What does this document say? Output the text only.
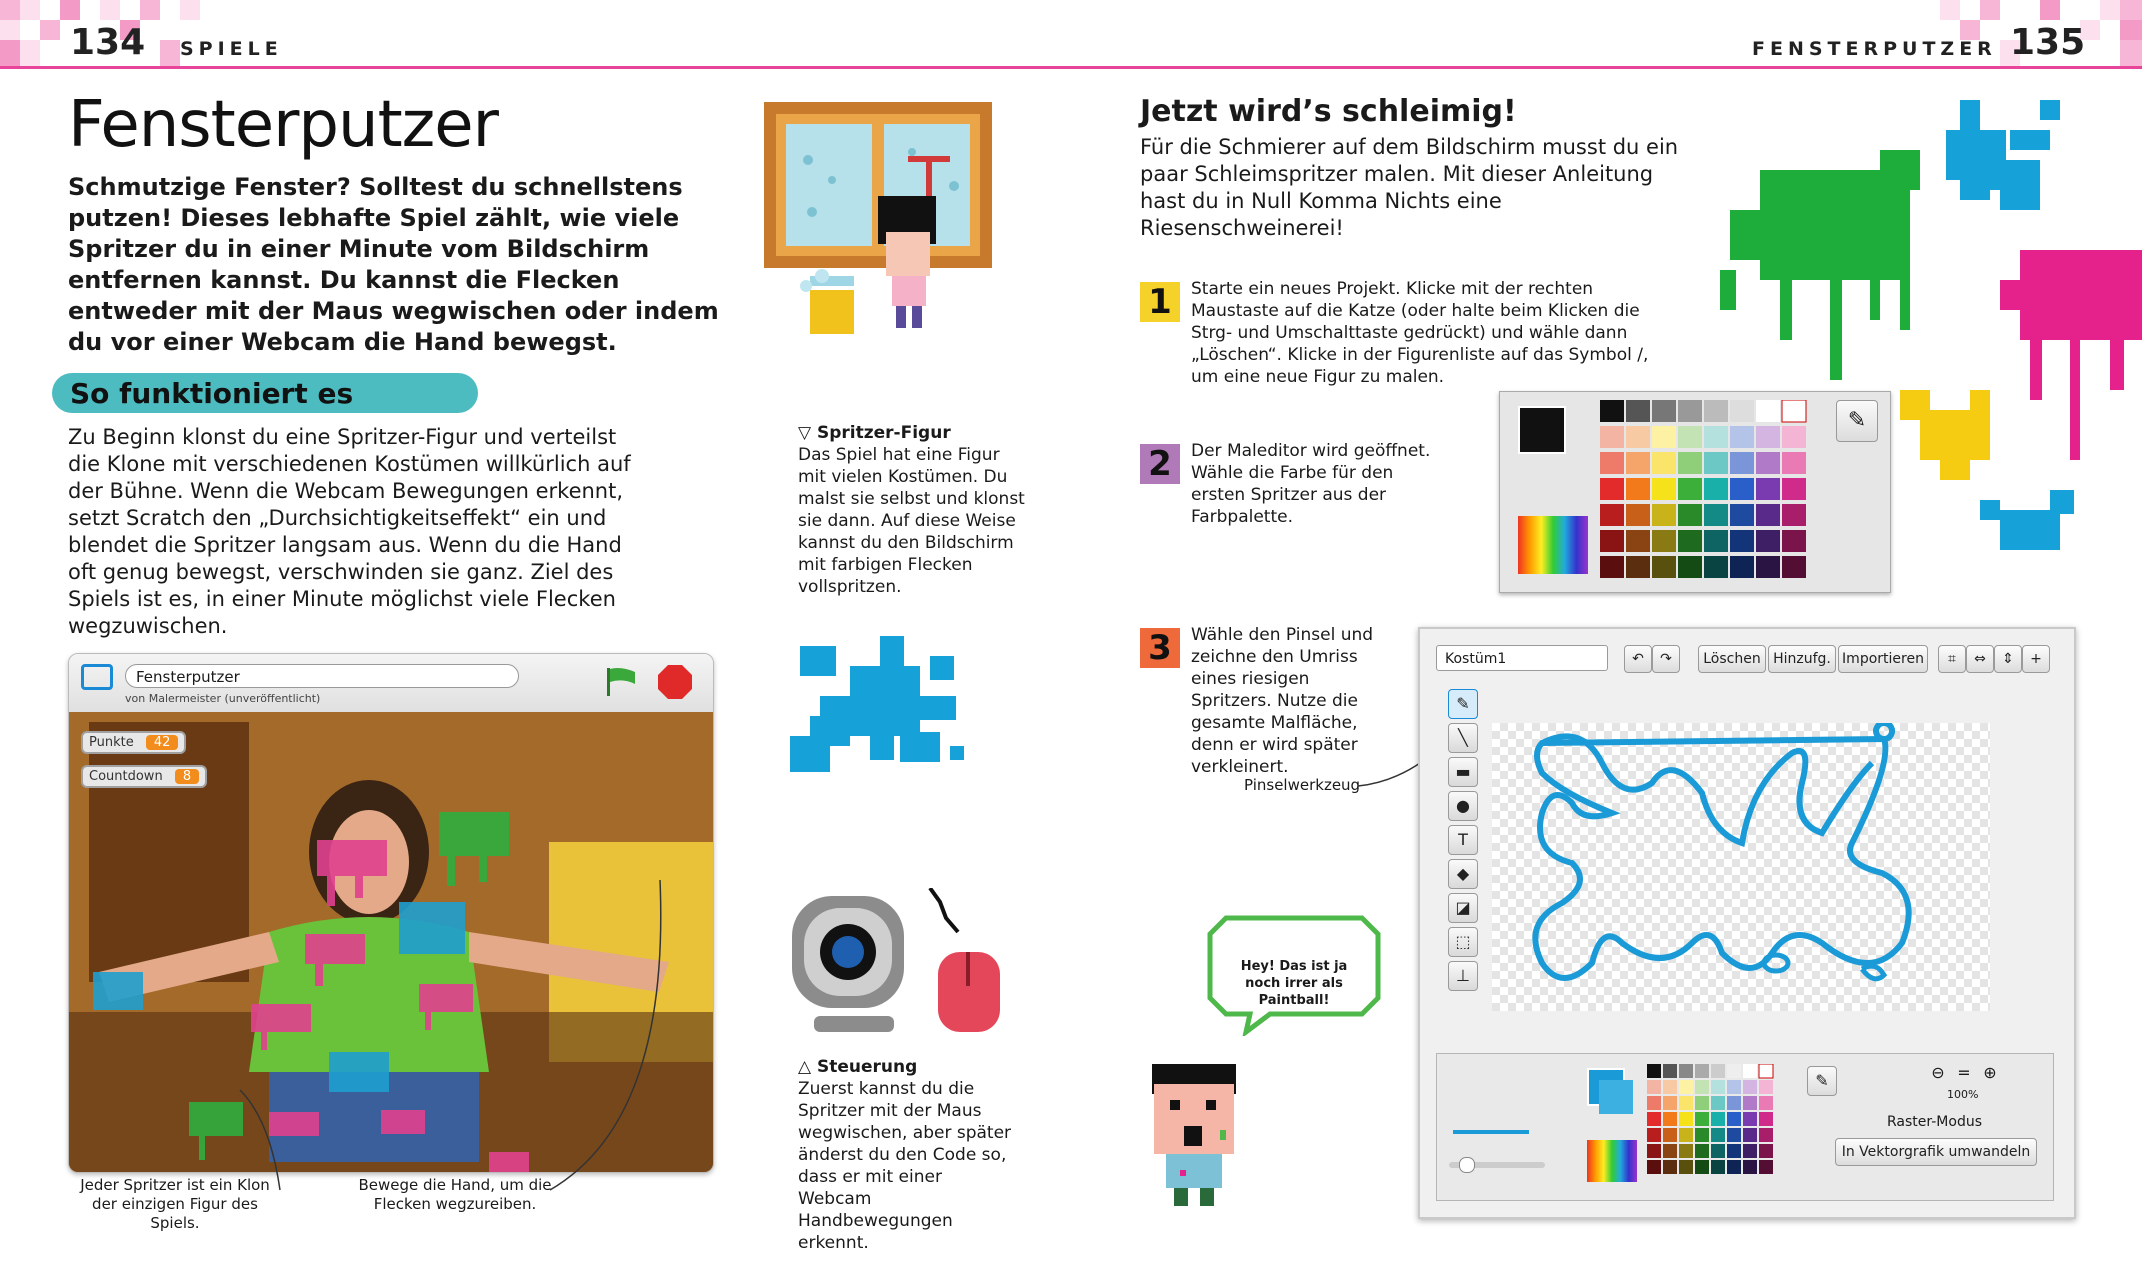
134 SPIELE	FENSTERPUTZER 135
Fensterputzer
Schmutzige Fenster? Solltest du schnellstens putzen! Dieses lebhafte Spiel zählt, wie viele Spritzer du in einer Minute vom Bildschirm entfernen kannst. Du kannst die Flecken entweder mit der Maus wegwischen oder indem du vor einer Webcam die Hand bewegst.
So funktioniert es
Zu Beginn klonst du eine Spritzer-Figur und verteilst die Klone mit verschiedenen Kostümen willkürlich auf der Bühne. Wenn die Webcam Bewegungen erkennt, setzt Scratch den „Durchsichtigkeitseffekt“ ein und blendet die Spritzer langsam aus. Wenn du die Hand oft genug bewegst, verschwinden sie ganz. Ziel des Spiels ist es, in einer Minute möglichst viele Flecken wegzuwischen.
▽ Spritzer-Figur
Das Spiel hat eine Figur mit vielen Kostümen. Du malst sie selbst und klonst sie dann. Auf diese Weise kannst du den Bildschirm mit farbigen Flecken vollspritzen.
△ Steuerung
Zuerst kannst du die Spritzer mit der Maus wegwischen, aber später änderst du den Code so, dass er mit einer Webcam Handbewegungen erkennt.
Fensterputzer
von Malermeister (unveröffentlicht)
Punkte 42
Countdown 8
Jeder Spritzer ist ein Klon der einzigen Figur des Spiels.
Bewege die Hand, um die Flecken wegzureiben.
Jetzt wird’s schleimig!
Für die Schmierer auf dem Bildschirm musst du ein paar Schleimspritzer malen. Mit dieser Anleitung hast du in Null Komma Nichts eine Riesenschweinerei!
1	Starte ein neues Projekt. Klicke mit der rechten Maustaste auf die Katze (oder halte beim Klicken die Strg- und Umschalttaste gedrückt) und wähle dann „Löschen“. Klicke in der Figurenliste auf das Symbol ∕, um eine neue Figur zu malen.
2	Der Maleditor wird geöffnet. Wähle die Farbe für den ersten Spritzer aus der Farbpalette.
✎
3	Wähle den Pinsel und zeichne den Umriss eines riesigen Spritzers. Nutze die gesamte Malfläche, denn er wird später verkleinert.
Pinselwerkzeug
Hey! Das ist ja noch irrer als Paintball!
Kostüm1	↶	↷	Löschen Hinzufg. Importieren	⌗	⇔	⇕	+
✎
╲
▬
●
T
◆
◪
⬚
⊥
✎	⊖ = ⊕
100%
Raster-Modus
In Vektorgrafik umwandeln
